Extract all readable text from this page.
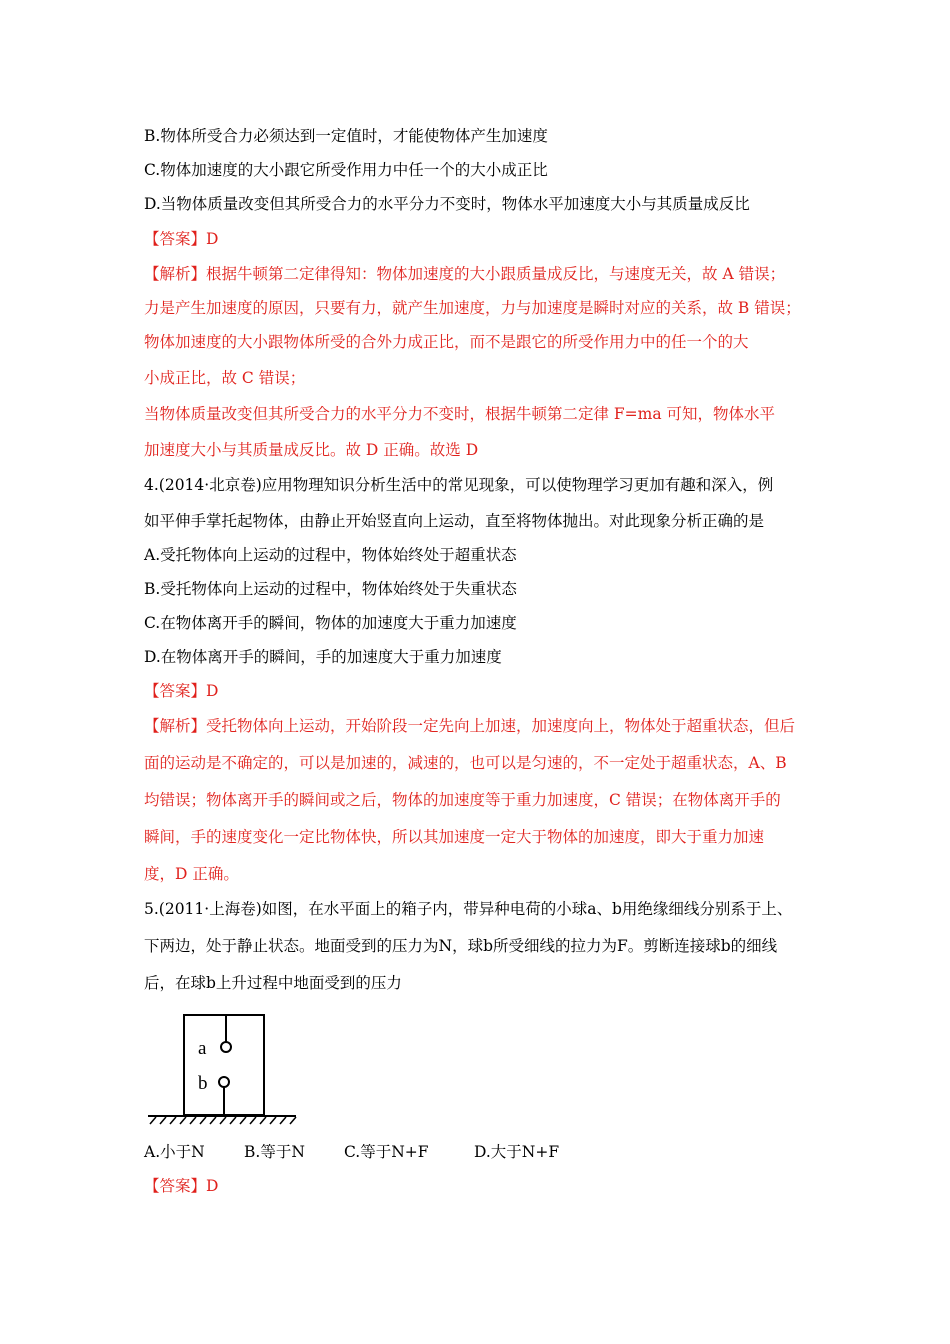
B.物体所受合力必须达到一定值时，才能使物体产生加速度
C.物体加速度的大小跟它所受作用力中任一个的大小成正比
D.当物体质量改变但其所受合力的水平分力不变时，物体水平加速度大小与其质量成反比
【答案】D
【解析】根据牛顿第二定律得知：物体加速度的大小跟质量成反比，与速度无关，故 A 错误；
力是产生加速度的原因，只要有力，就产生加速度，力与加速度是瞬时对应的关系，故 B 错误；
物体加速度的大小跟物体所受的合外力成正比，而不是跟它的所受作用力中的任一个的大
小成正比，故 C 错误；
当物体质量改变但其所受合力的水平分力不变时，根据牛顿第二定律 F=ma 可知，物体水平
加速度大小与其质量成反比。故 D 正确。故选 D
4.(2014·北京卷)应用物理知识分析生活中的常见现象，可以使物理学习更加有趣和深入，例
如平伸手掌托起物体，由静止开始竖直向上运动，直至将物体抛出。对此现象分析正确的是
A.受托物体向上运动的过程中，物体始终处于超重状态
B.受托物体向上运动的过程中，物体始终处于失重状态
C.在物体离开手的瞬间，物体的加速度大于重力加速度
D.在物体离开手的瞬间，手的加速度大于重力加速度
【答案】D
【解析】受托物体向上运动，开始阶段一定先向上加速，加速度向上，物体处于超重状态，但后
面的运动是不确定的，可以是加速的，减速的，也可以是匀速的，不一定处于超重状态，A、B
均错误；物体离开手的瞬间或之后，物体的加速度等于重力加速度，C 错误；在物体离开手的
瞬间，手的速度变化一定比物体快，所以其加速度一定大于物体的加速度，即大于重力加速
度，D 正确。
5.(2011·上海卷)如图，在水平面上的箱子内，带异种电荷的小球a、b用绝缘细线分别系于上、
下两边，处于静止状态。地面受到的压力为N，球b所受细线的拉力为F。剪断连接球b的细线
后，在球b上升过程中地面受到的压力
a
b
A.小于N	B.等于N	C.等于N+F	D.大于N+F
【答案】D
